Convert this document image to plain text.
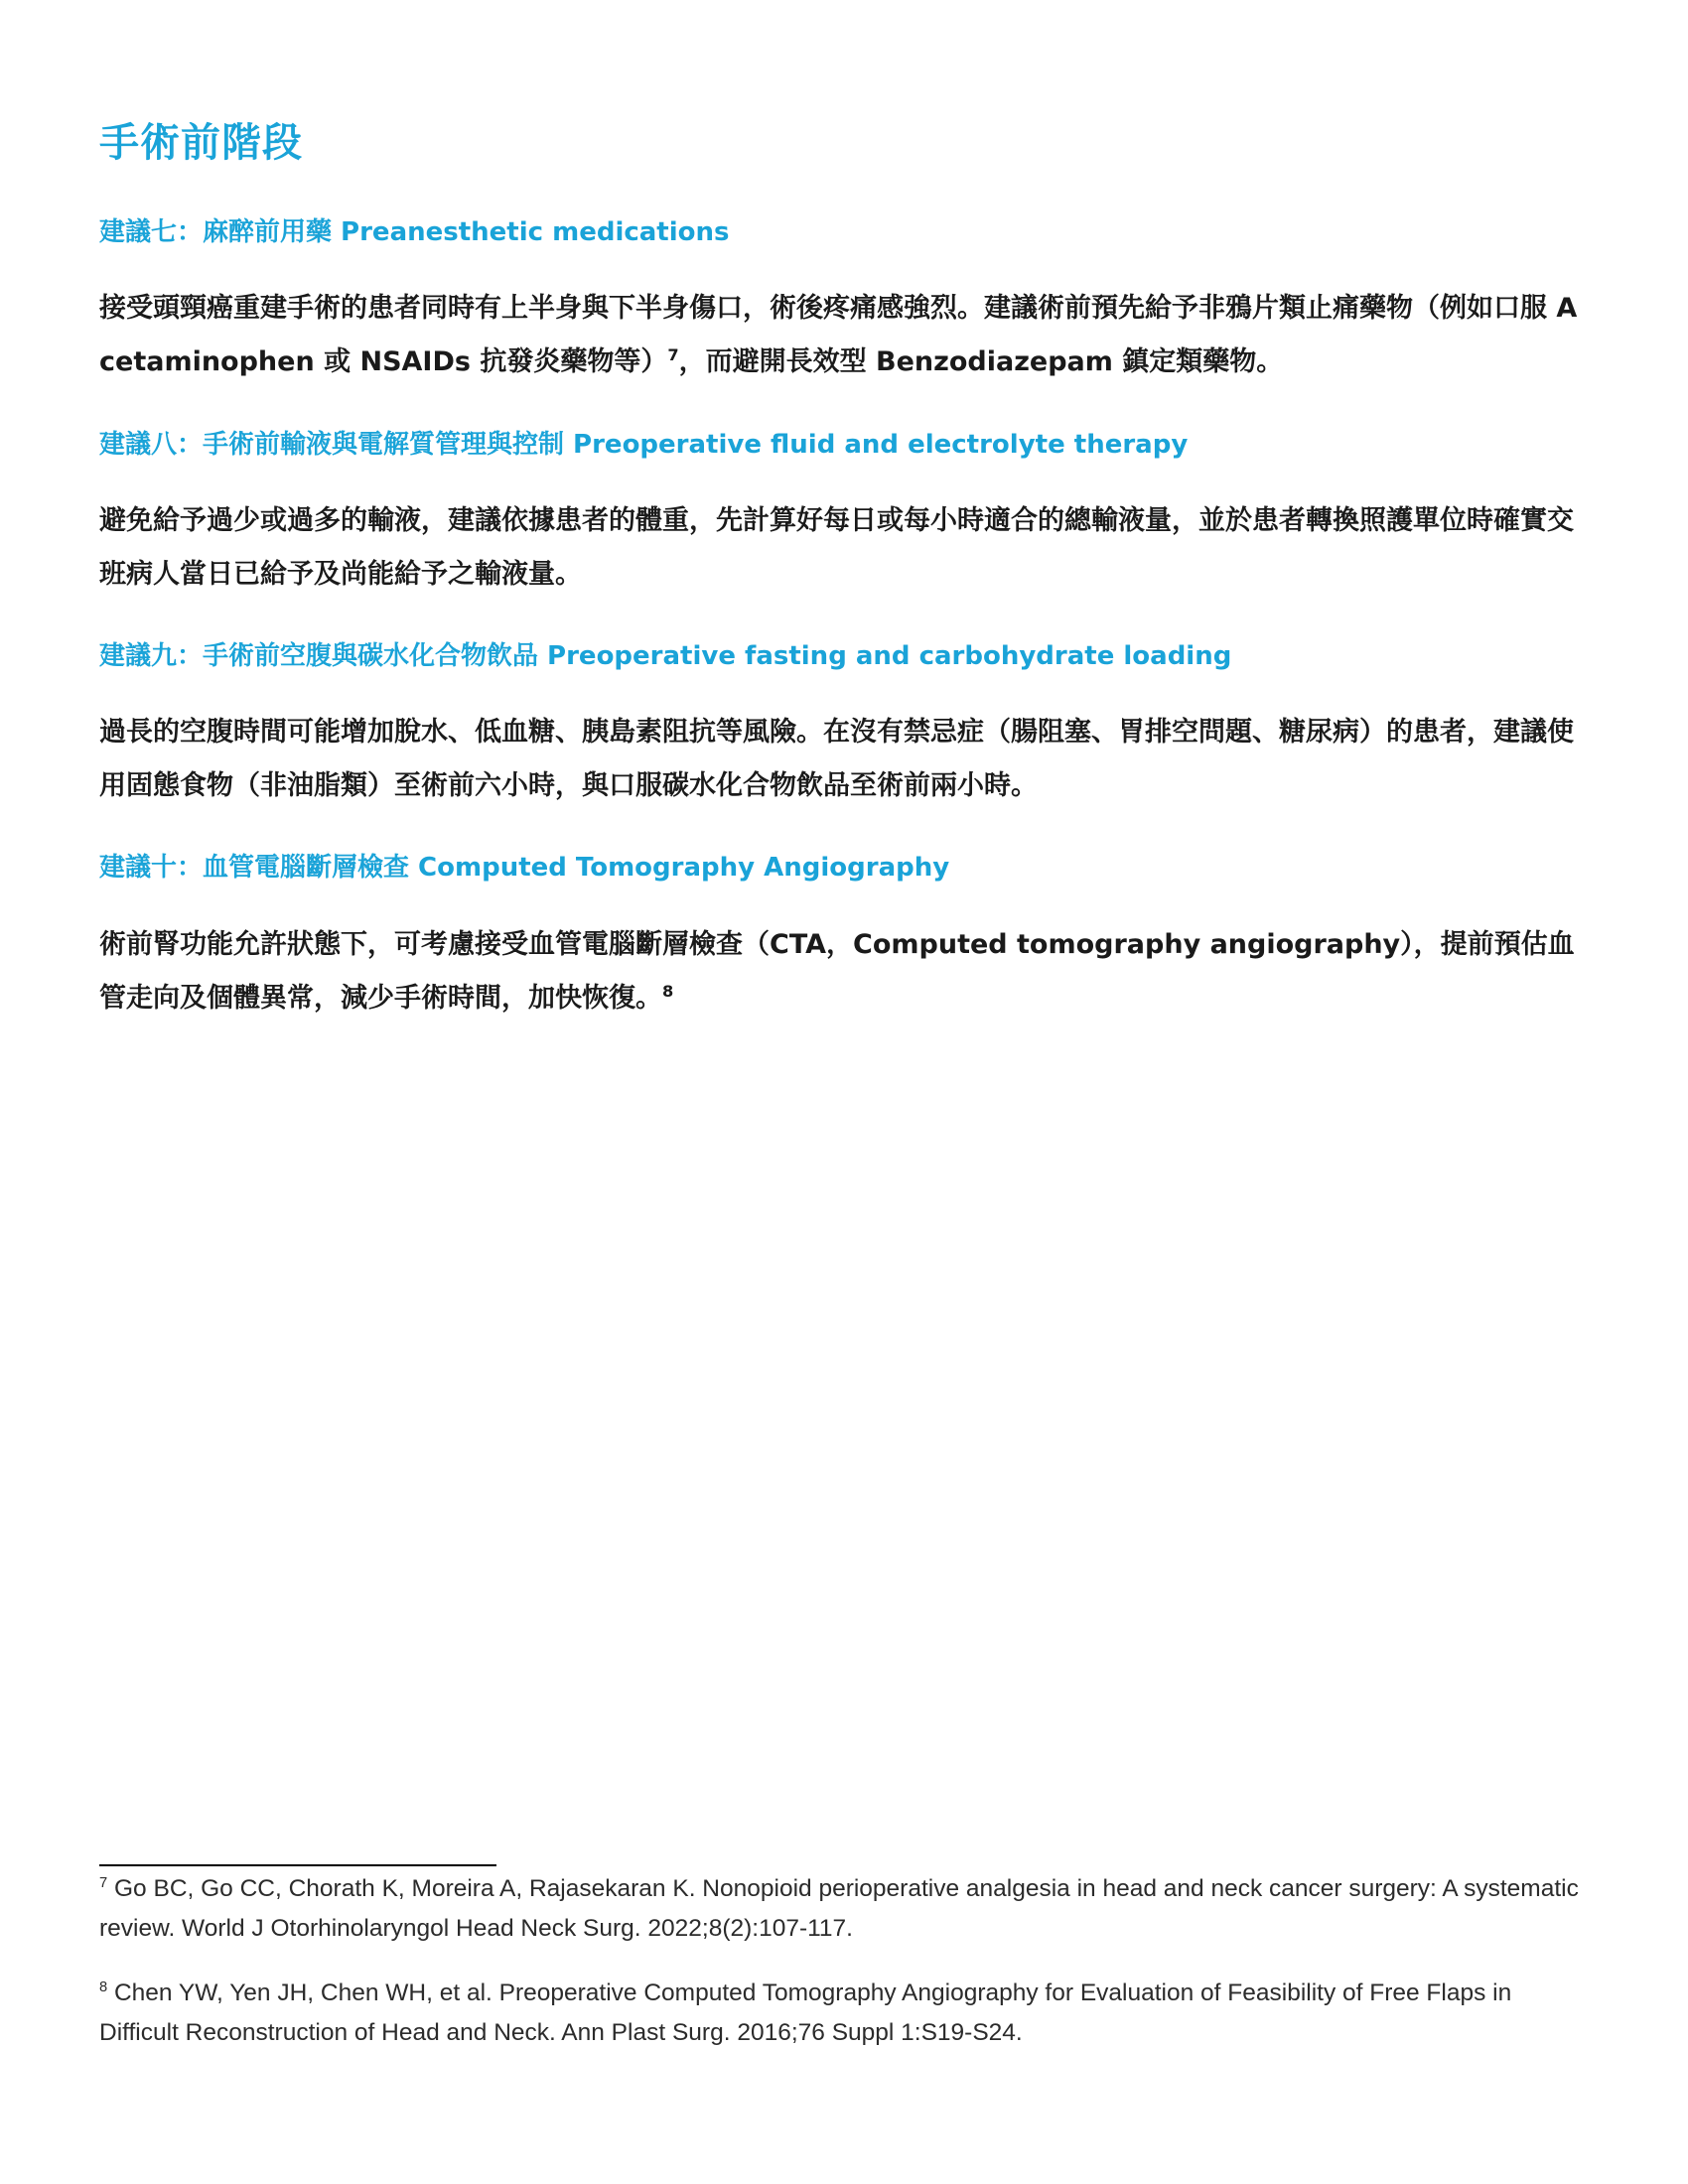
手術前階段
建議七：麻醉前用藥 Preanesthetic medications

接受頭頸癌重建手術的患者同時有上半身與下半身傷口，術後疼痛感強烈。建議術前預先給予非鴉片類止痛藥物（例如口服 Acetaminophen 或 NSAIDs 抗發炎藥物等）$^7$，而避開長效型 Benzodiazepam 鎮定類藥物。

建議八：手術前輸液與電解質管理與控制 Preoperative fluid and electrolyte therapy

避免給予過少或過多的輸液，建議依據患者的體重，先計算好每日或每小時適合的總輸液量，並於患者轉換照護單位時確實交班病人當日已給予及尚能給予之輸液量。

建議九：手術前空腹與碳水化合物飲品 Preoperative fasting and carbohydrate loading

過長的空腹時間可能增加脫水、低血糖、胰島素阻抗等風險。在沒有禁忌症（腸阻塞、胃排空問題、糖尿病）的患者，建議使用固態食物（非油脂類）至術前六小時，與口服碳水化合物飲品至術前兩小時。

建議十：血管電腦斷層檢查 Computed Tomography Angiography

術前腎功能允許狀態下，可考慮接受血管電腦斷層檢查（CTA，Computed tomography angiography），提前預估血管走向及個體異常，減少手術時間，加快恢復。$^8$

$^7$ Go BC, Go CC, Chorath K, Moreira A, Rajasekaran K. Nonopioid perioperative analgesia in head and neck cancer surgery: A systematic review. World J Otorhinolaryngol Head Neck Surg. 2022;8(2):107-117.

$^8$ Chen YW, Yen JH, Chen WH, et al. Preoperative Computed Tomography Angiography for Evaluation of Feasibility of Free Flaps in Difficult Reconstruction of Head and Neck. Ann Plast Surg. 2016;76 Suppl 1:S19-S24.
